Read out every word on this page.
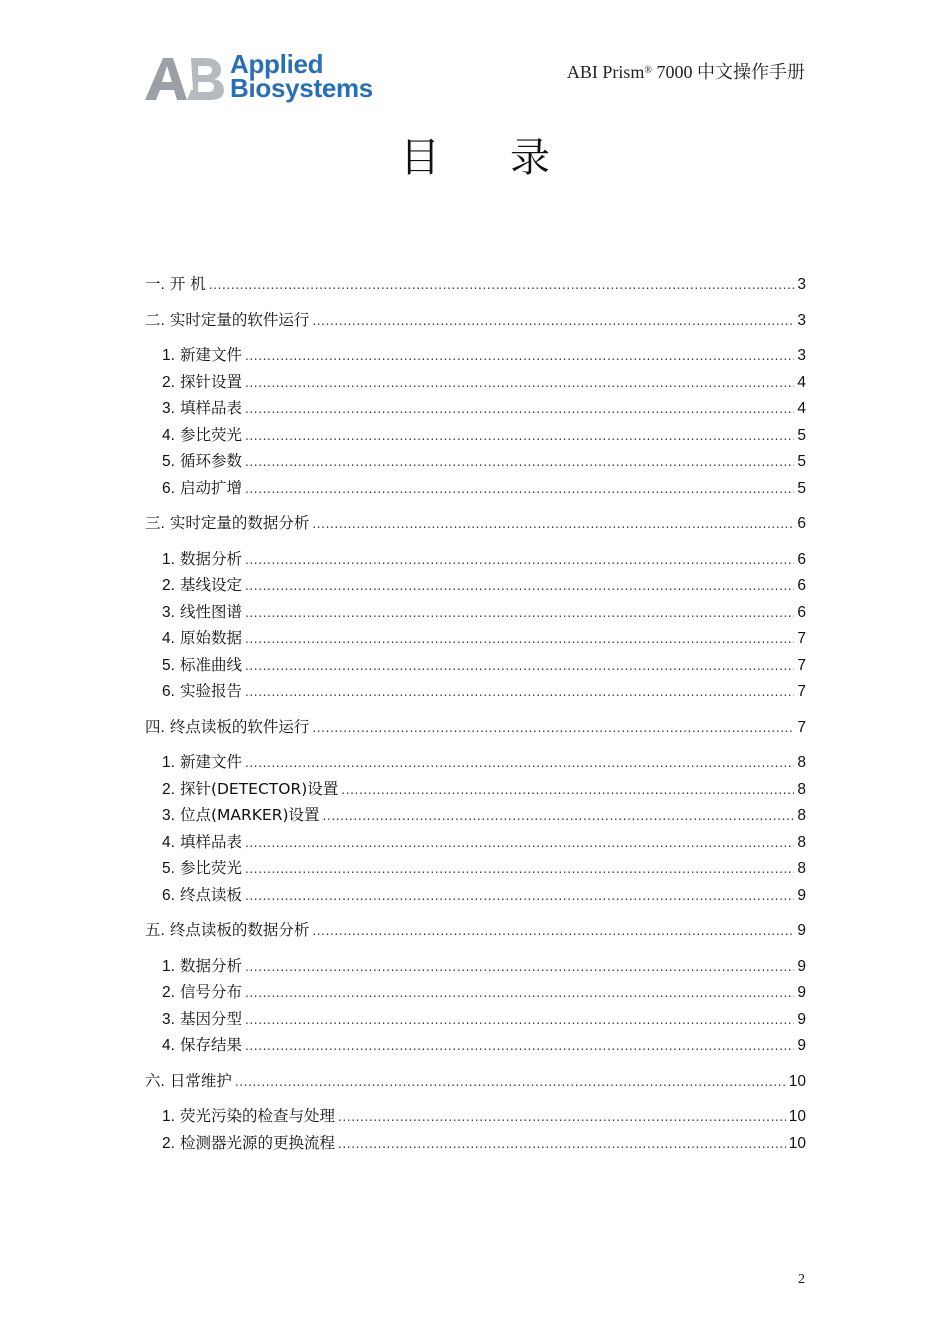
Applied
Biosystems
ABI Prism® 7000 中文操作手册
目录
一. 开 机 .....	3
二. 实时定量的软件运行 .....	3
1. 新建文件 .....	3
2. 探针设置 .....	4
3. 填样品表 .....	4
4. 参比荧光 .....	5
5. 循环参数 .....	5
6. 启动扩增 .....	5
三. 实时定量的数据分析 .....	6
1. 数据分析 .....	6
2. 基线设定 .....	6
3. 线性图谱 .....	6
4. 原始数据 .....	7
5. 标准曲线 .....	7
6. 实验报告 .....	7
四. 终点读板的软件运行 .....	7
1. 新建文件 .....	8
2. 探针(DETECTOR)设置 .....	8
3. 位点(MARKER)设置 .....	8
4. 填样品表 .....	8
5. 参比荧光 .....	8
6. 终点读板 .....	9
五. 终点读板的数据分析 .....	9
1. 数据分析 .....	9
2. 信号分布 .....	9
3. 基因分型 .....	9
4. 保存结果 .....	9
六. 日常维护 .....	10
1. 荧光污染的检查与处理 .....	10
2. 检测器光源的更换流程 .....	10
2
